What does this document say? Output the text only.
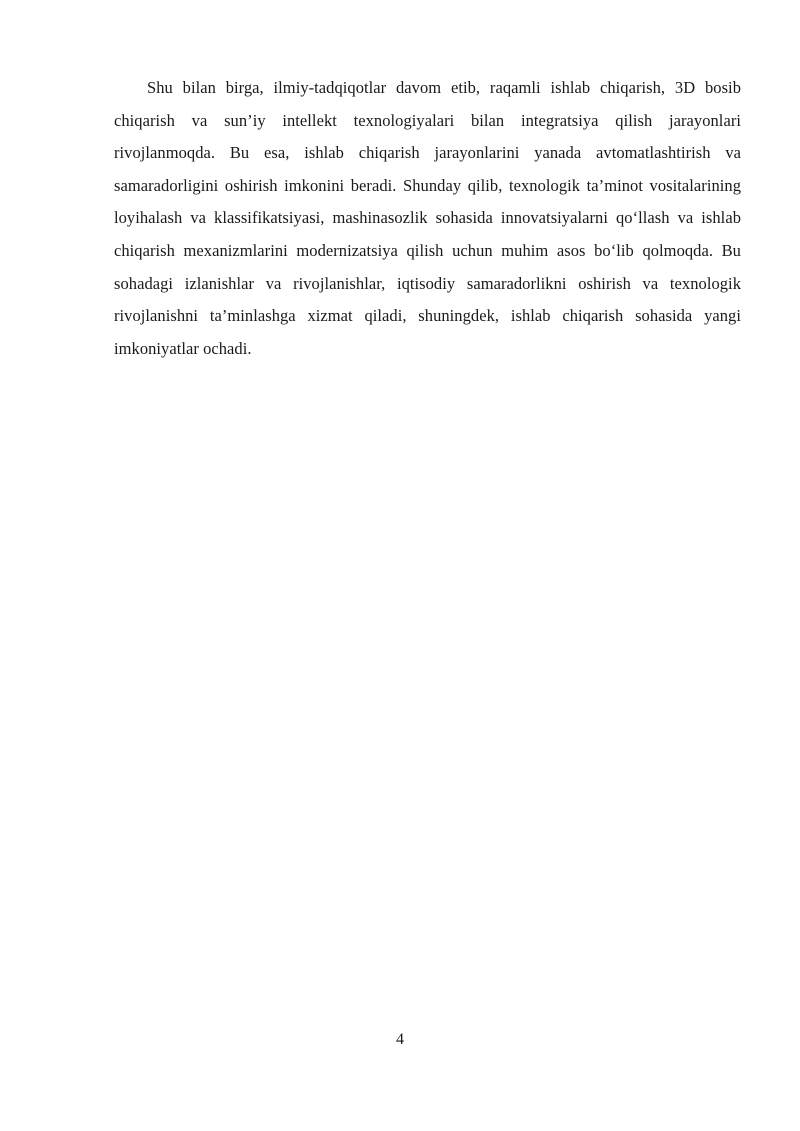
Shu bilan birga, ilmiy-tadqiqotlar davom etib, raqamli ishlab chiqarish, 3D bosib chiqarish va sun’iy intellekt texnologiyalari bilan integratsiya qilish jarayonlari rivojlanmoqda. Bu esa, ishlab chiqarish jarayonlarini yanada avtomatlashtirish va samaradorligini oshirish imkonini beradi. Shunday qilib, texnologik ta’minot vositalarining loyihalash va klassifikatsiyasi, mashinasozlik sohasida innovatsiyalarni qo‘llash va ishlab chiqarish mexanizmlarini modernizatsiya qilish uchun muhim asos bo‘lib qolmoqda. Bu sohadagi izlanishlar va rivojlanishlar, iqtisodiy samaradorlikni oshirish va texnologik rivojlanishni ta’minlashga xizmat qiladi, shuningdek, ishlab chiqarish sohasida yangi imkoniyatlar ochadi.

4
